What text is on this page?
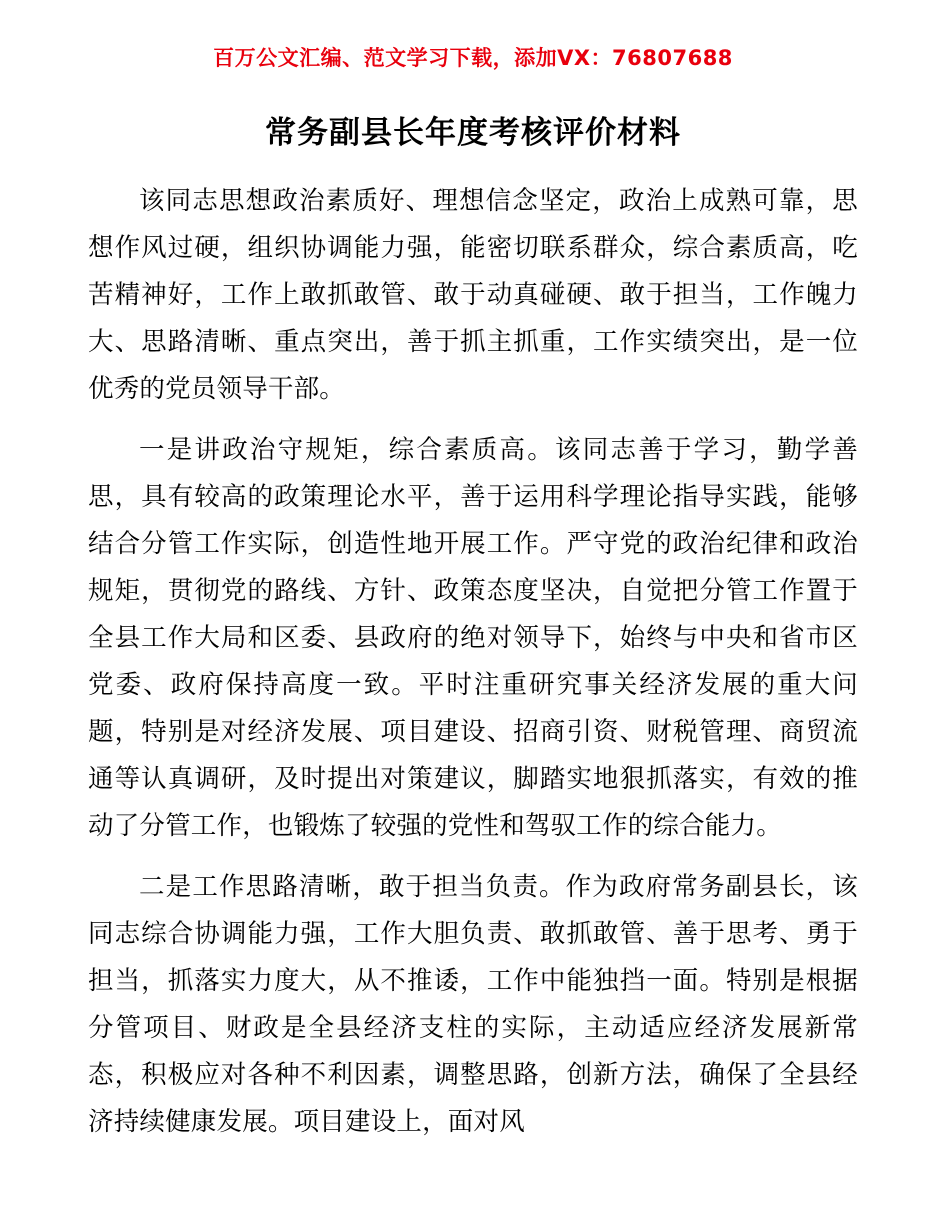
百万公文汇编、范文学习下载，添加VX：76807688
常务副县长年度考核评价材料

该同志思想政治素质好、理想信念坚定，政治上成熟可靠，思想作风过硬，组织协调能力强，能密切联系群众，综合素质高，吃苦精神好，工作上敢抓敢管、敢于动真碰硬、敢于担当，工作魄力大、思路清晰、重点突出，善于抓主抓重，工作实绩突出，是一位优秀的党员领导干部。

一是讲政治守规矩，综合素质高。该同志善于学习，勤学善思，具有较高的政策理论水平，善于运用科学理论指导实践，能够结合分管工作实际，创造性地开展工作。严守党的政治纪律和政治规矩，贯彻党的路线、方针、政策态度坚决，自觉把分管工作置于全县工作大局和区委、县政府的绝对领导下，始终与中央和省市区党委、政府保持高度一致。平时注重研究事关经济发展的重大问题，特别是对经济发展、项目建设、招商引资、财税管理、商贸流通等认真调研，及时提出对策建议，脚踏实地狠抓落实，有效的推动了分管工作，也锻炼了较强的党性和驾驭工作的综合能力。

二是工作思路清晰，敢于担当负责。作为政府常务副县长，该同志综合协调能力强，工作大胆负责、敢抓敢管、善于思考、勇于担当，抓落实力度大，从不推诿，工作中能独挡一面。特别是根据分管项目、财政是全县经济支柱的实际，主动适应经济发展新常态，积极应对各种不利因素，调整思路，创新方法，确保了全县经济持续健康发展。项目建设上，面对风
